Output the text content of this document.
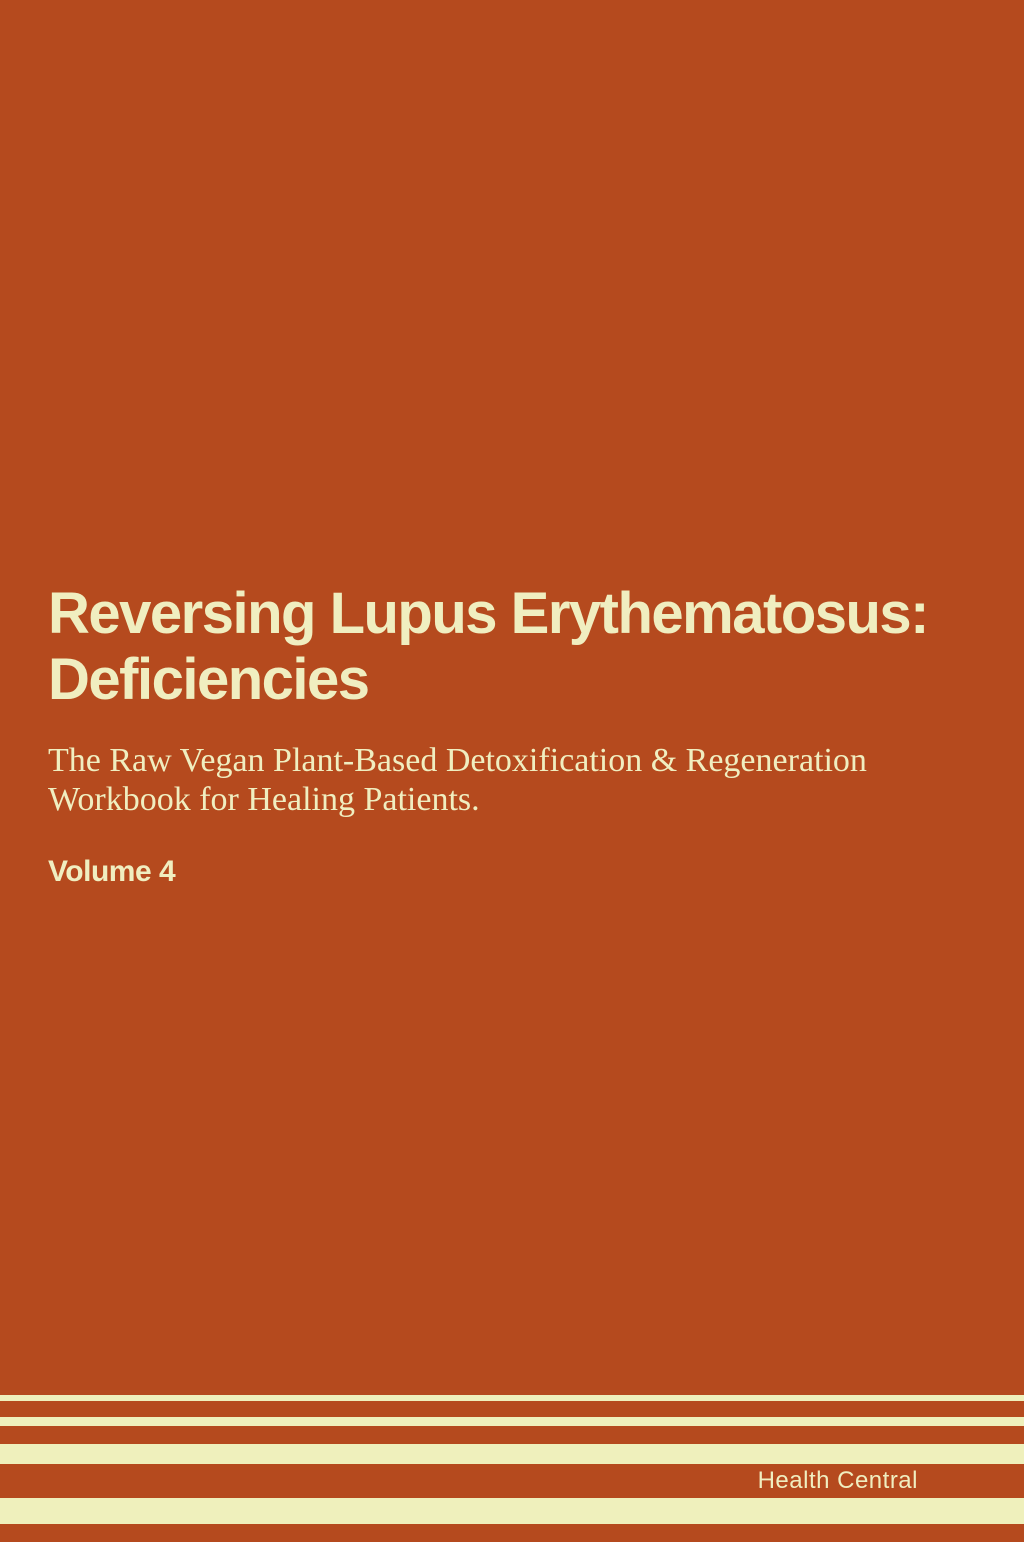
Reversing Lupus Erythematosus:
Deficiencies
The Raw Vegan Plant-Based Detoxification & Regeneration
Workbook for Healing Patients.
Volume 4
Health Central
